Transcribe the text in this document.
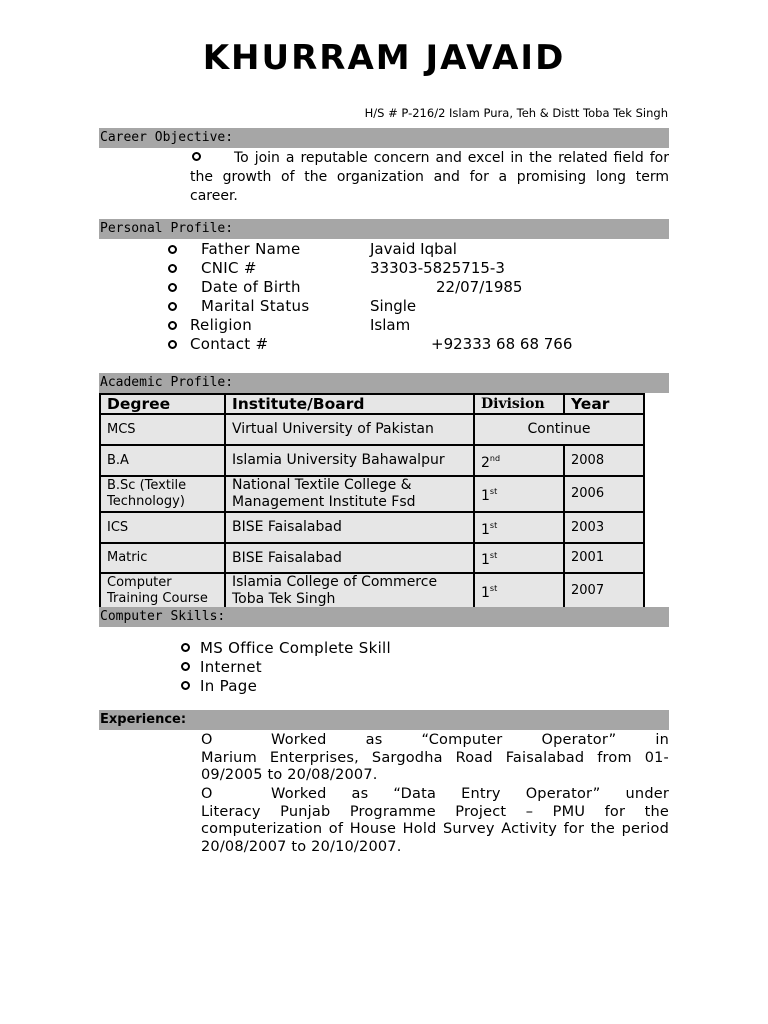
KHURRAM JAVAID
H/S # P-216/2 Islam Pura, Teh & Distt Toba Tek Singh
Career Objective:
To join a reputable concern and excel in the related field for the growth of the organization and for a promising long term career.
Personal Profile:
Father Name	Javaid Iqbal
CNIC #	33303-5825715-3
Date of Birth	22/07/1985
Marital Status	Single
Religion	Islam
Contact #	+92333 68 68 766
Academic Profile:
Degree	Institute/Board	Division	Year
MCS	Virtual University of Pakistan	Continue	
B.A	Islamia University Bahawalpur	2nd	2008
B.Sc (Textile Technology)	National Textile College & Management Institute Fsd	1st	2006
ICS	BISE Faisalabad	1st	2003
Matric	BISE Faisalabad	1st	2001
Computer Training Course	Islamia College of Commerce Toba Tek Singh	1st	2007
Computer Skills:
MS Office Complete Skill
Internet
In Page
Experience:
O	Worked as “Computer Operator” in
Marium Enterprises, Sargodha Road Faisalabad from 01-09/2005 to 20/08/2007.
O	Worked as “Data Entry Operator” under
Literacy Punjab Programme Project – PMU for the computerization of House Hold Survey Activity for the period 20/08/2007 to 20/10/2007.
